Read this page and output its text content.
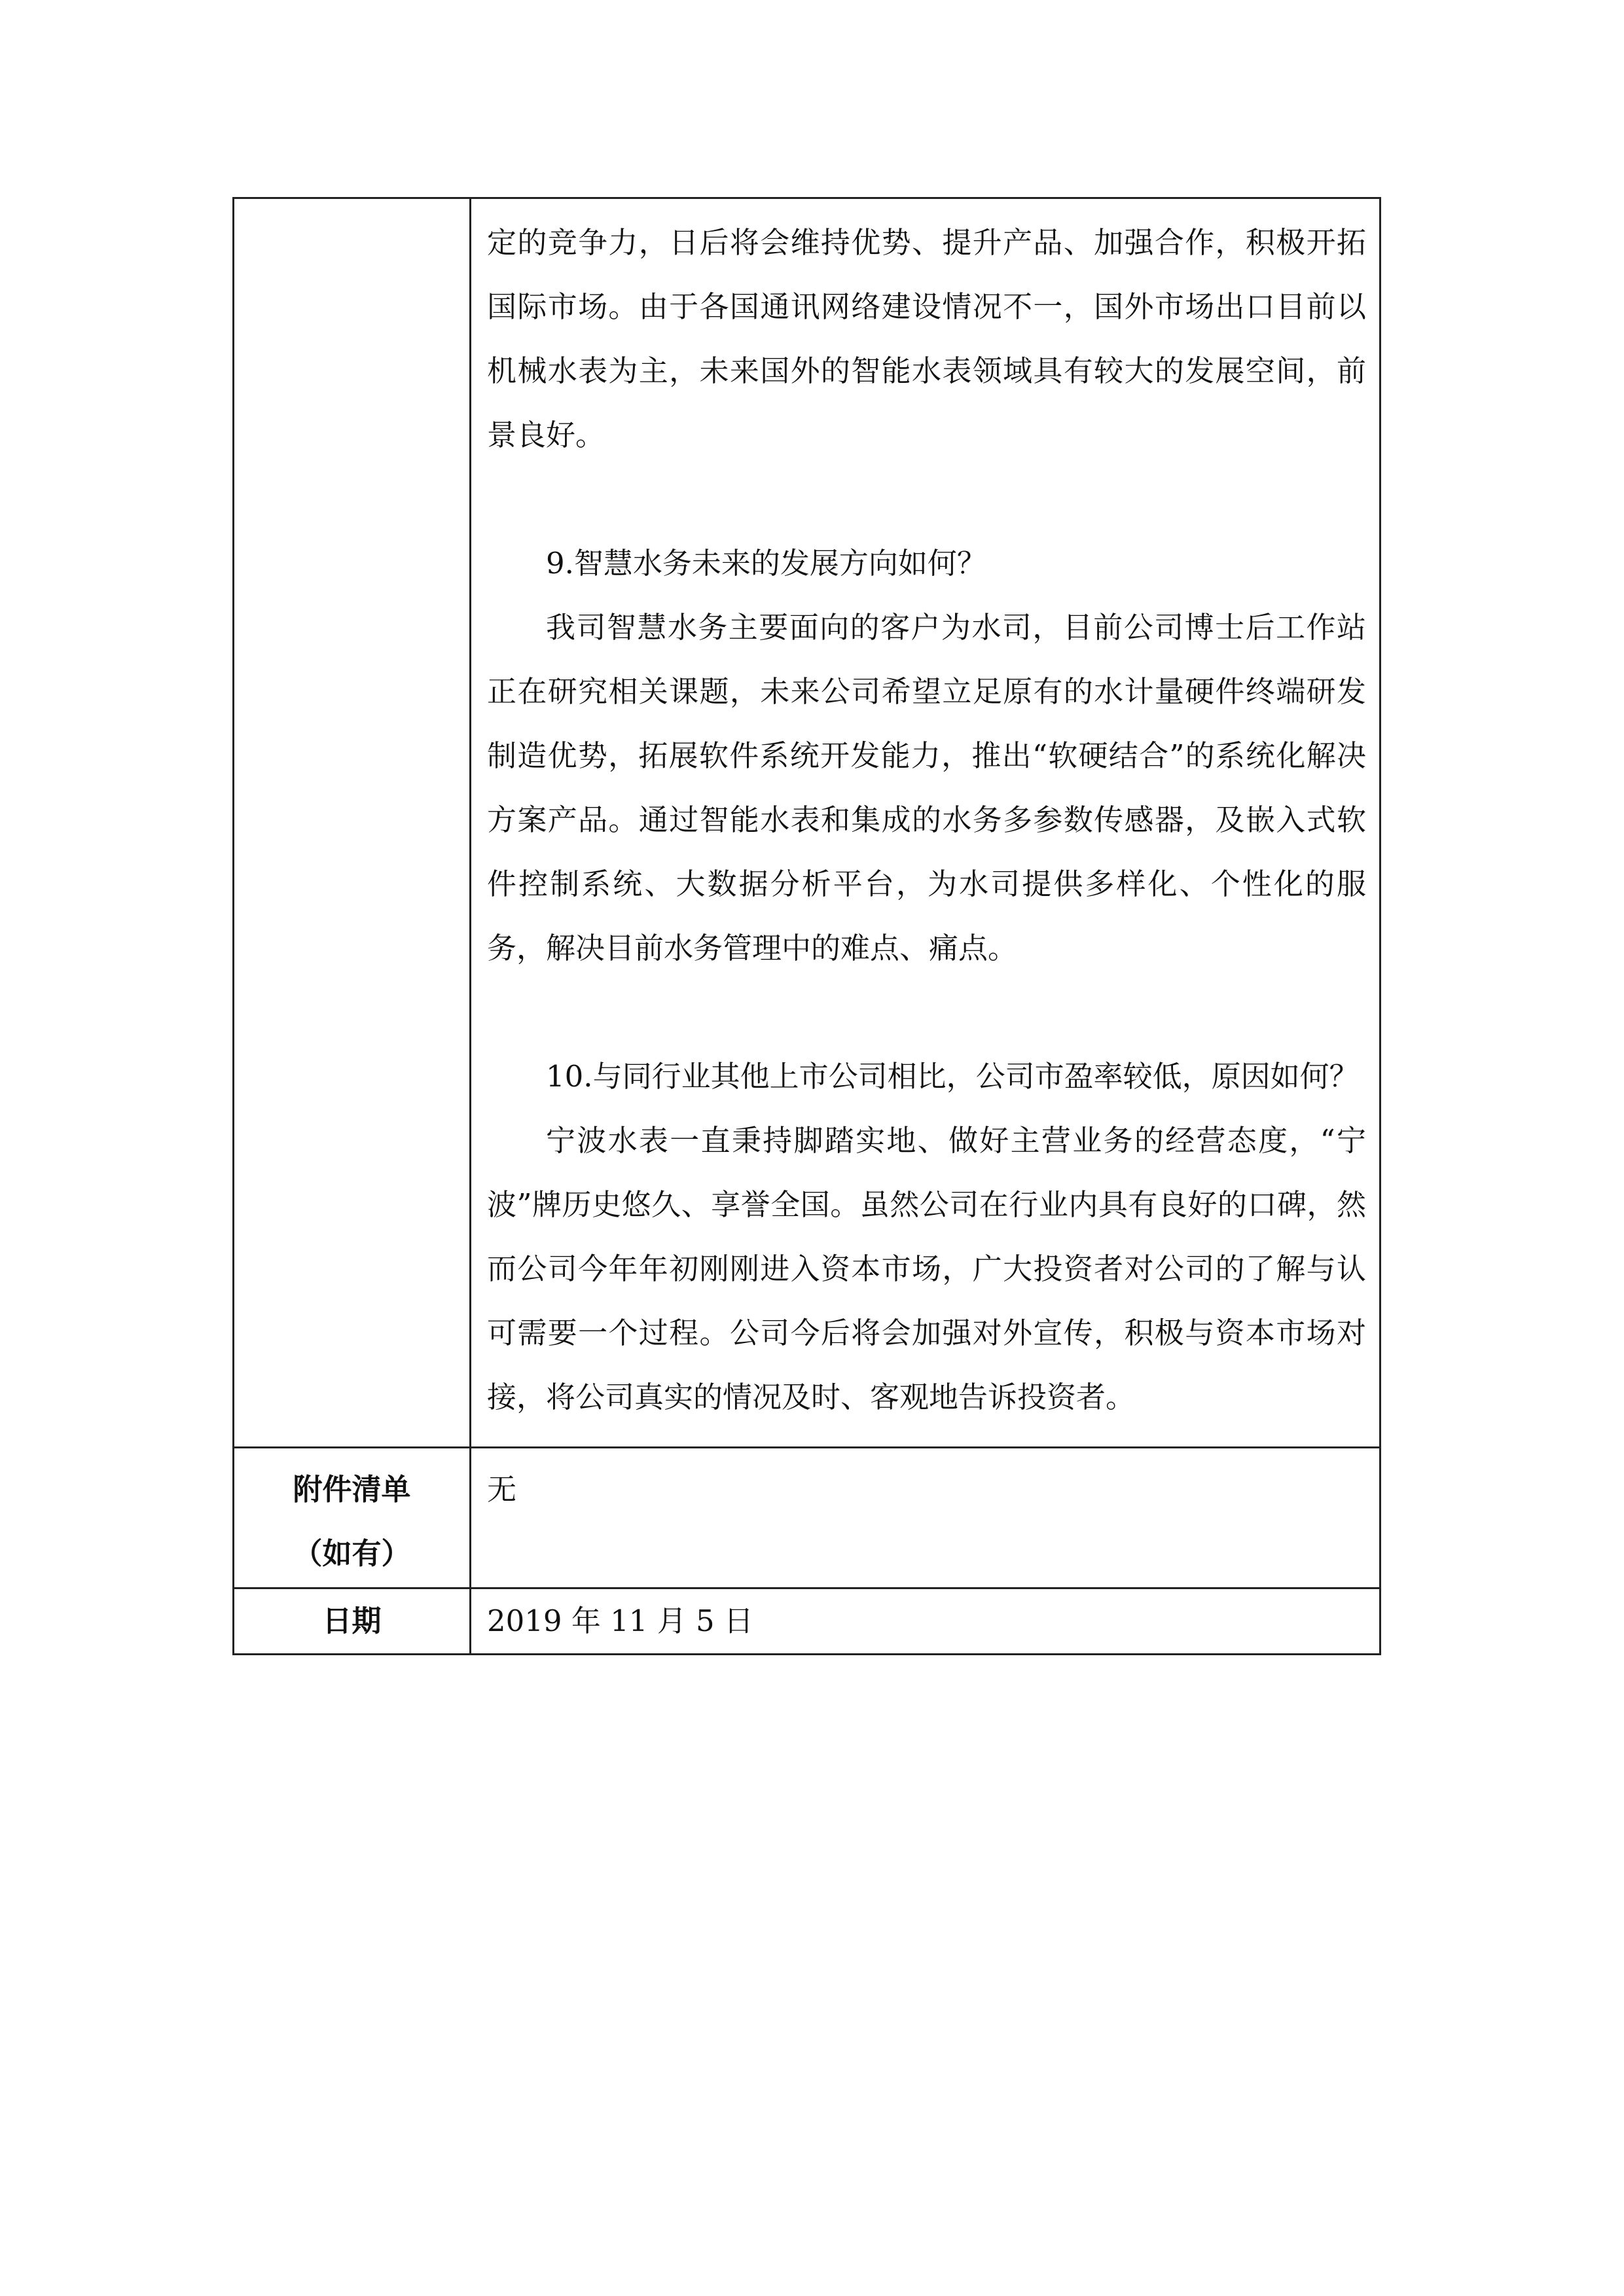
	定的竞争力，日后将会维持优势、提升产品、加强合作，积极开拓国际市场。由于各国通讯网络建设情况不一，国外市场出口目前以机械水表为主，未来国外的智能水表领域具有较大的发展空间，前景良好。

9.智慧水务未来的发展方向如何？

我司智慧水务主要面向的客户为水司，目前公司博士后工作站正在研究相关课题，未来公司希望立足原有的水计量硬件终端研发制造优势，拓展软件系统开发能力，推出“软硬结合”的系统化解决方案产品。通过智能水表和集成的水务多参数传感器，及嵌入式软件控制系统、大数据分析平台，为水司提供多样化、个性化的服务，解决目前水务管理中的难点、痛点。

10.与同行业其他上市公司相比，公司市盈率较低，原因如何？

宁波水表一直秉持脚踏实地、做好主营业务的经营态度，“宁波”牌历史悠久、享誉全国。虽然公司在行业内具有良好的口碑，然而公司今年年初刚刚进入资本市场，广大投资者对公司的了解与认可需要一个过程。公司今后将会加强对外宣传，积极与资本市场对接，将公司真实的情况及时、客观地告诉投资者。

附件清单
（如有）	无
日期	2019 年 11 月 5 日
